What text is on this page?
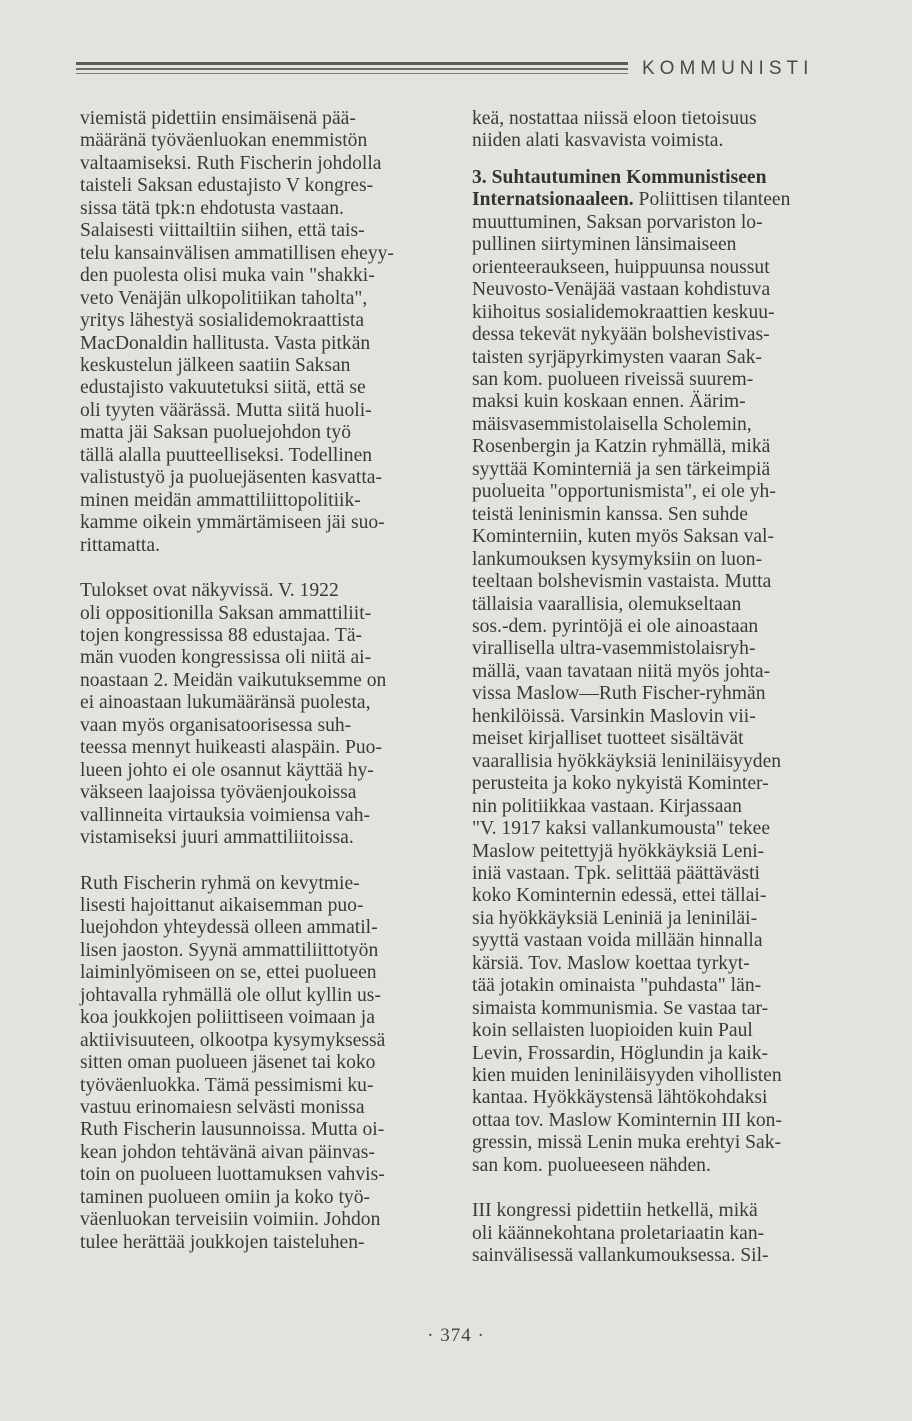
KOMMUNISTI

viemistä pidettiin ensimäisenä pää-
määränä työväenluokan enemmistön
valtaamiseksi. Ruth Fischerin johdolla
taisteli Saksan edustajisto V kongres-
sissa tätä tpk:n ehdotusta vastaan.
Salaisesti viittailtiin siihen, että tais-
telu kansainvälisen ammatillisen eheyy-
den puolesta olisi muka vain "shakki-
veto Venäjän ulkopolitiikan taholta",
yritys lähestyä sosialidemokraattista
MacDonaldin hallitusta. Vasta pitkän
keskustelun jälkeen saatiin Saksan
edustajisto vakuutetuksi siitä, että se
oli tyyten väärässä. Mutta siitä huoli-
matta jäi Saksan puoluejohdon työ
tällä alalla puutteelliseksi. Todellinen
valistustyö ja puoluejäsenten kasvatta-
minen meidän ammattiliittopolitiik-
kamme oikein ymmärtämiseen jäi suo-
rittamatta.

Tulokset ovat näkyvissä. V. 1922
oli oppositionilla Saksan ammattiliit-
tojen kongressissa 88 edustajaa. Tä-
män vuoden kongressissa oli niitä ai-
noastaan 2. Meidän vaikutuksemme on
ei ainoastaan lukumääränsä puolesta,
vaan myös organisatoorisessa suh-
teessa mennyt huikeasti alaspäin. Puo-
lueen johto ei ole osannut käyttää hy-
väkseen laajoissa työväenjoukoissa
vallinneita virtauksia voimiensa vah-
vistamiseksi juuri ammattiliitoissa.

Ruth Fischerin ryhmä on kevytmie-
lisesti hajoittanut aikaisemman puo-
luejohdon yhteydessä olleen ammatil-
lisen jaoston. Syynä ammattiliittotyön
laiminlyömiseen on se, ettei puolueen
johtavalla ryhmällä ole ollut kyllin us-
koa joukkojen poliittiseen voimaan ja
aktiivisuuteen, olkootpa kysymyksessä
sitten oman puolueen jäsenet tai koko
työväenluokka. Tämä pessimismi ku-
vastuu erinomaiesn selvästi monissa
Ruth Fischerin lausunnoissa. Mutta oi-
kean johdon tehtävänä aivan päinvas-
toin on puolueen luottamuksen vahvis-
taminen puolueen omiin ja koko työ-
väenluokan terveisiin voimiin. Johdon
tulee herättää joukkojen taisteluhen-

keä, nostattaa niissä eloon tietoisuus
niiden alati kasvavista voimista.

3. Suhtautuminen Kommunistiseen

Internatsionaaleen. Poliittisen tilanteen

muuttuminen, Saksan porvariston lo-
pullinen siirtyminen länsimaiseen
orienteeraukseen, huippuunsa noussut
Neuvosto-Venäjää vastaan kohdistuva
kiihoitus sosialidemokraattien keskuu-
dessa tekevät nykyään bolshevistivas-
taisten syrjäpyrkimysten vaaran Sak-
san kom. puolueen riveissä suurem-
maksi kuin koskaan ennen. Äärim-
mäisvasemmistolaisella Scholemin,
Rosenbergin ja Katzin ryhmällä, mikä
syyttää Kominterniä ja sen tärkeimpiä
puolueita "opportunismista", ei ole yh-
teistä leninismin kanssa. Sen suhde
Kominterniin, kuten myös Saksan val-
lankumouksen kysymyksiin on luon-
teeltaan bolshevismin vastaista. Mutta
tällaisia vaarallisia, olemukseltaan
sos.-dem. pyrintöjä ei ole ainoastaan
virallisella ultra-vasemmistolaisryh-
mällä, vaan tavataan niitä myös johta-
vissa Maslow—Ruth Fischer-ryhmän
henkilöissä. Varsinkin Maslovin vii-
meiset kirjalliset tuotteet sisältävät
vaarallisia hyökkäyksiä leniniläisyyden
perusteita ja koko nykyistä Kominter-
nin politiikkaa vastaan. Kirjassaan
"V. 1917 kaksi vallankumousta" tekee
Maslow peitettyjä hyökkäyksiä Leni-
iniä vastaan. Tpk. selittää päättävästi
koko Kominternin edessä, ettei tällai-
sia hyökkäyksiä Leniniä ja leniniläi-
syyttä vastaan voida millään hinnalla
kärsiä. Tov. Maslow koettaa tyrkyt-
tää jotakin ominaista "puhdasta" län-
simaista kommunismia. Se vastaa tar-
koin sellaisten luopioiden kuin Paul
Levin, Frossardin, Höglundin ja kaik-
kien muiden leniniläisyyden vihollisten
kantaa. Hyökkäystensä lähtökohdaksi
ottaa tov. Maslow Kominternin III kon-
gressin, missä Lenin muka erehtyi Sak-
san kom. puolueeseen nähden.

III kongressi pidettiin hetkellä, mikä
oli käännekohtana proletariaatin kan-
sainvälisessä vallankumouksessa. Sil-

· 374 ·
